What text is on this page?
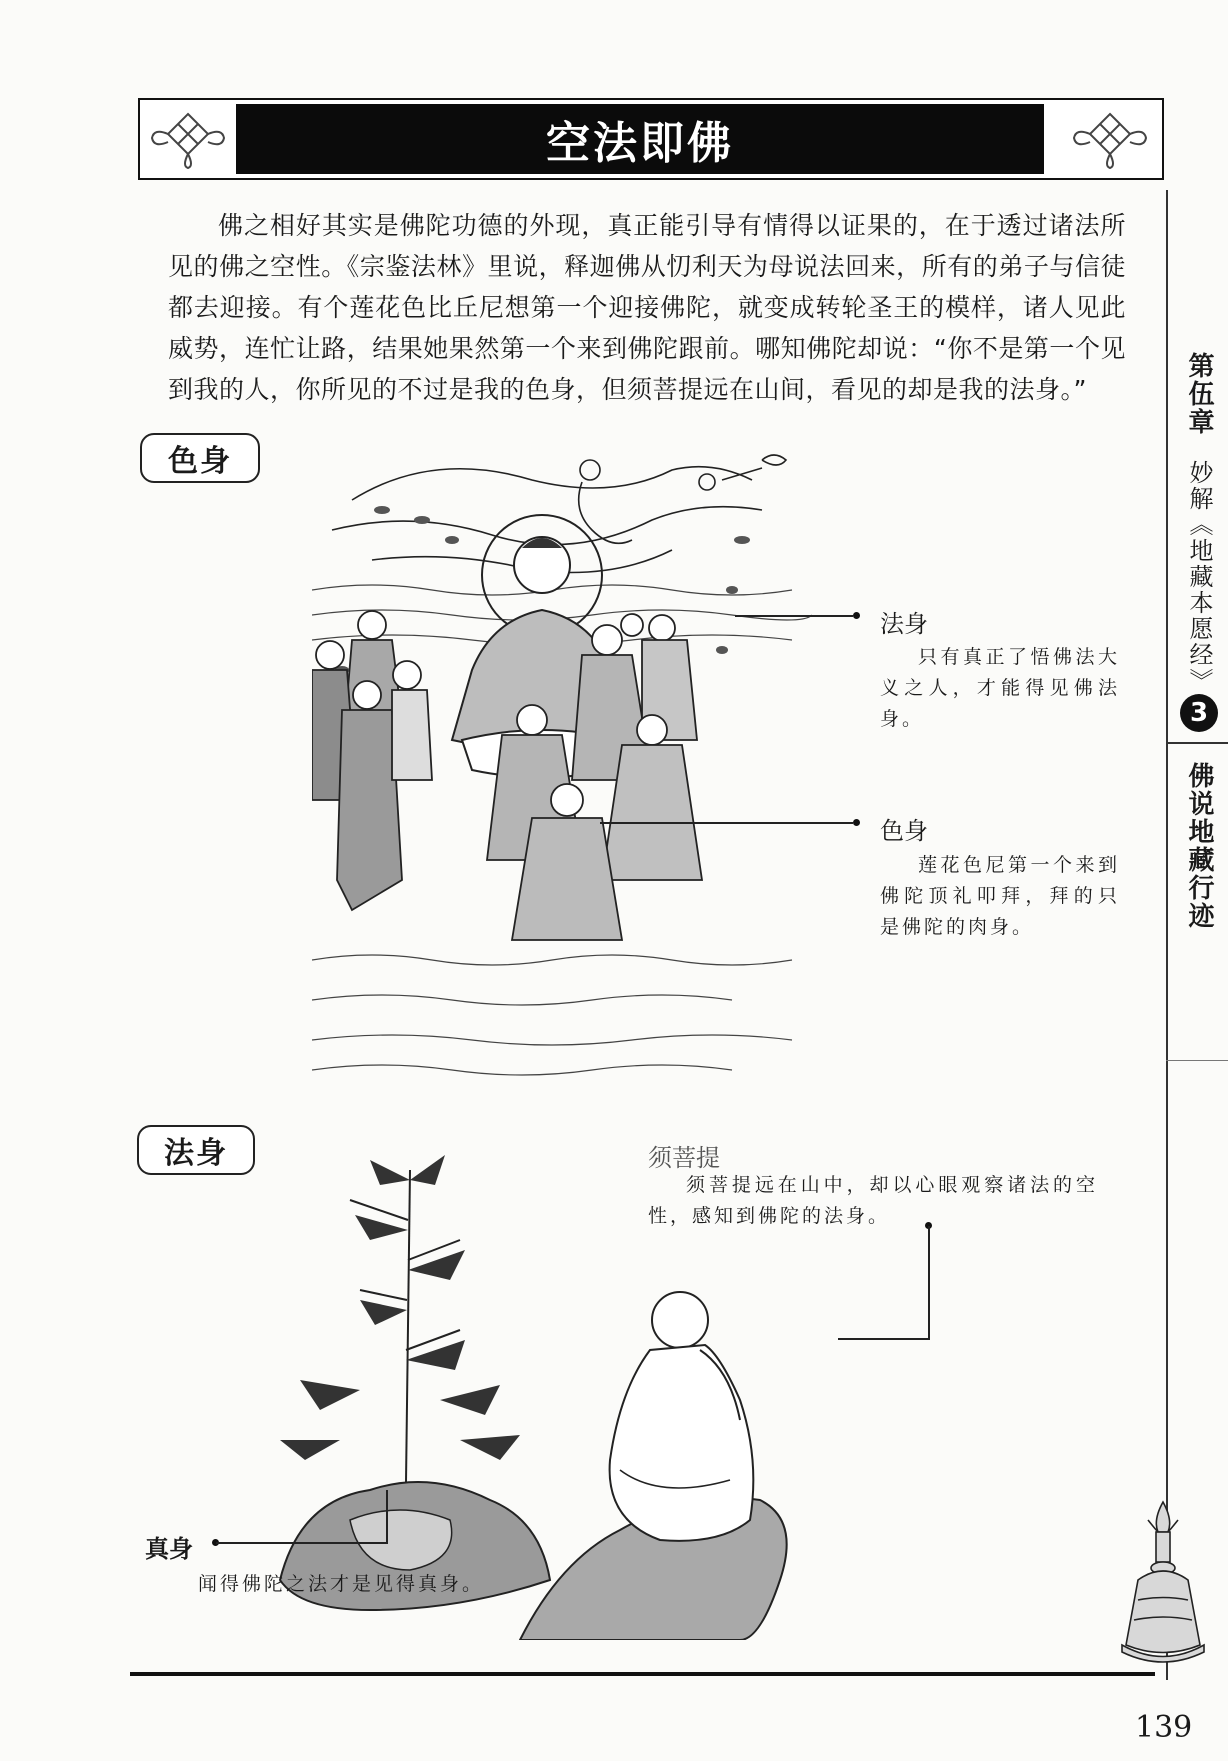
空法即佛
佛之相好其实是佛陀功德的外现，真正能引导有情得以证果的，在于透过诸法所见的佛之空性。《宗鉴法林》里说，释迦佛从忉利天为母说法回来，所有的弟子与信徒都去迎接。有个莲花色比丘尼想第一个迎接佛陀，就变成转轮圣王的模样，诸人见此威势，连忙让路，结果她果然第一个来到佛陀跟前。哪知佛陀却说：“你不是第一个见到我的人，你所见的不过是我的色身，但须菩提远在山间，看见的却是我的法身。”
色身
法身
只有真正了悟佛法大义之人，才能得见佛法身。
色身
莲花色尼第一个来到佛陀顶礼叩拜，拜的只是佛陀的肉身。
法身	须菩提
须菩提远在山中，却以心眼观察诸法的空性，感知到佛陀的法身。
真身
闻得佛陀之法才是见得真身。
第伍章
妙解《地藏本愿经》
3
佛说地藏行迹
139
